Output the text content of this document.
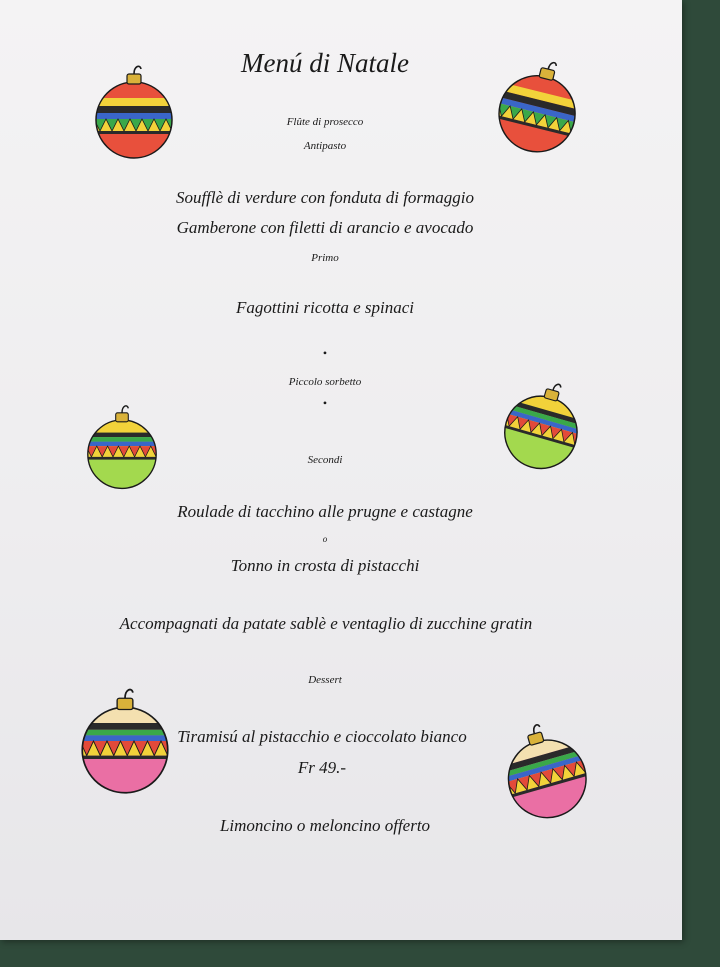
Menú di Natale
Flûte di prosecco
Antipasto
Soufflè di verdure con fonduta di formaggio
Gamberone con filetti di arancio e avocado
Primo
Fagottini ricotta e spinaci
•
Piccolo sorbetto
•
Secondi
Roulade di tacchino alle prugne e castagne
o
Tonno in crosta di pistacchi
Accompagnati da patate sablè e ventaglio di zucchine gratin
Dessert
Tiramisú al pistacchio e cioccolato bianco
Fr 49.-
Limoncino o meloncino offerto
